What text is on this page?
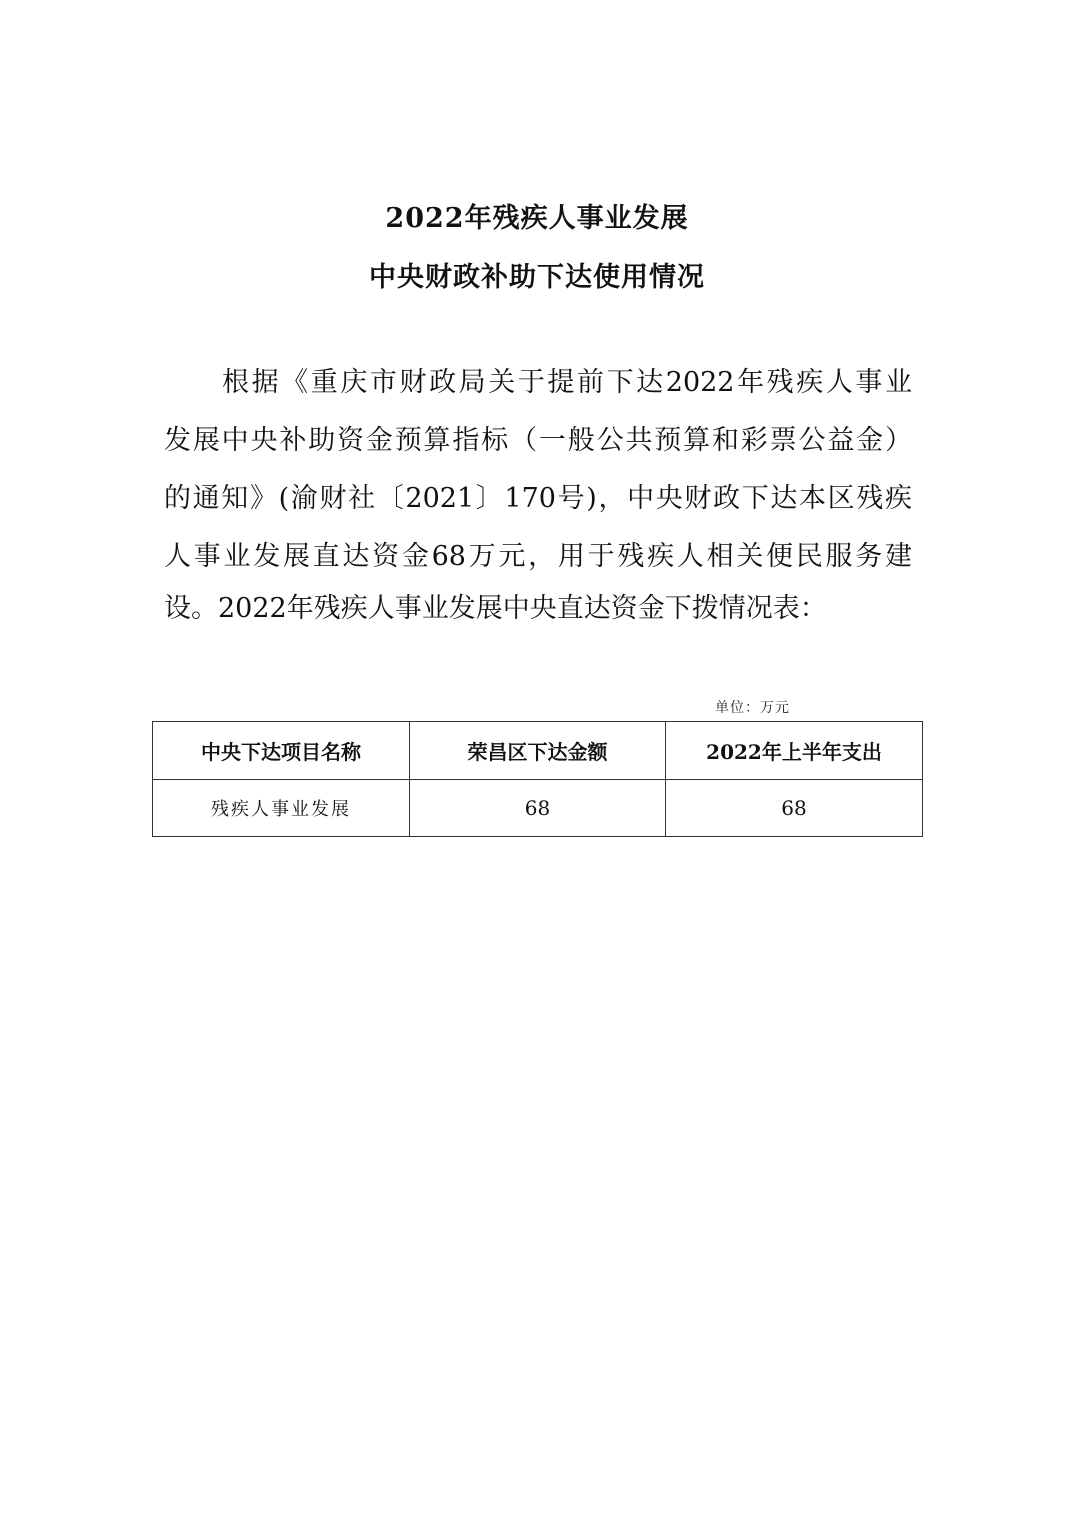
2022年残疾人事业发展
中央财政补助下达使用情况
根据《重庆市财政局关于提前下达2022年残疾人事业
发展中央补助资金预算指标（一般公共预算和彩票公益金）
的通知》(渝财社〔2021〕170号)，中央财政下达本区残疾
人事业发展直达资金68万元，用于残疾人相关便民服务建
设。2022年残疾人事业发展中央直达资金下拨情况表：
单位：万元
中央下达项目名称	荣昌区下达金额	2022年上半年支出
残疾人事业发展	68	68
